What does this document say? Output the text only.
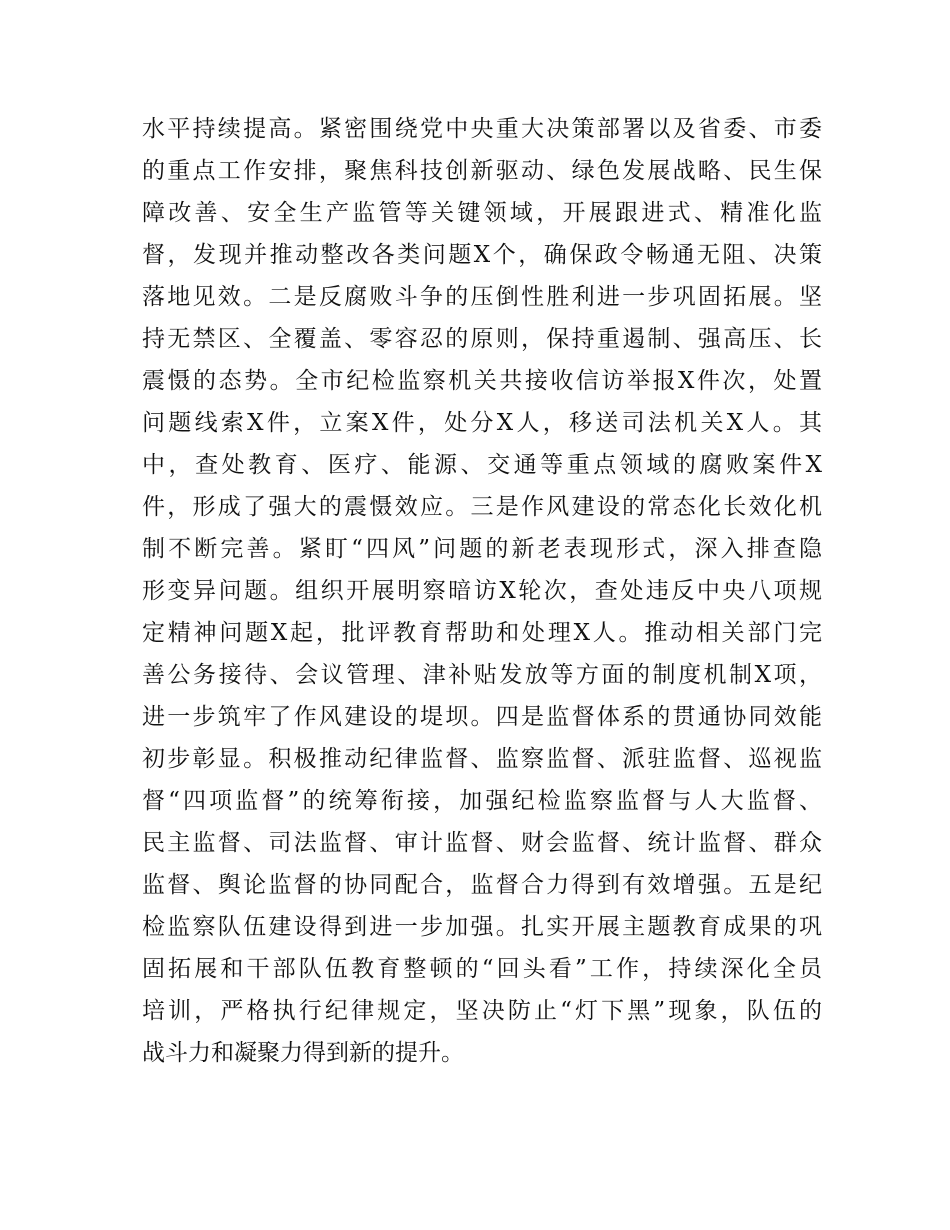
水平持续提高。紧密围绕党中央重大决策部署以及省委、市委
的重点工作安排，聚焦科技创新驱动、绿色发展战略、民生保
障改善、安全生产监管等关键领域，开展跟进式、精准化监
督，发现并推动整改各类问题X个，确保政令畅通无阻、决策
落地见效。二是反腐败斗争的压倒性胜利进一步巩固拓展。坚
持无禁区、全覆盖、零容忍的原则，保持重遏制、强高压、长
震慑的态势。全市纪检监察机关共接收信访举报X件次，处置
问题线索X件，立案X件，处分X人，移送司法机关X人。其
中，查处教育、医疗、能源、交通等重点领域的腐败案件X
件，形成了强大的震慑效应。三是作风建设的常态化长效化机
制不断完善。紧盯“四风”问题的新老表现形式，深入排查隐
形变异问题。组织开展明察暗访X轮次，查处违反中央八项规
定精神问题X起，批评教育帮助和处理X人。推动相关部门完
善公务接待、会议管理、津补贴发放等方面的制度机制X项，
进一步筑牢了作风建设的堤坝。四是监督体系的贯通协同效能
初步彰显。积极推动纪律监督、监察监督、派驻监督、巡视监
督“四项监督”的统筹衔接，加强纪检监察监督与人大监督、
民主监督、司法监督、审计监督、财会监督、统计监督、群众
监督、舆论监督的协同配合，监督合力得到有效增强。五是纪
检监察队伍建设得到进一步加强。扎实开展主题教育成果的巩
固拓展和干部队伍教育整顿的“回头看”工作，持续深化全员
培训，严格执行纪律规定，坚决防止“灯下黑”现象，队伍的
战斗力和凝聚力得到新的提升。
